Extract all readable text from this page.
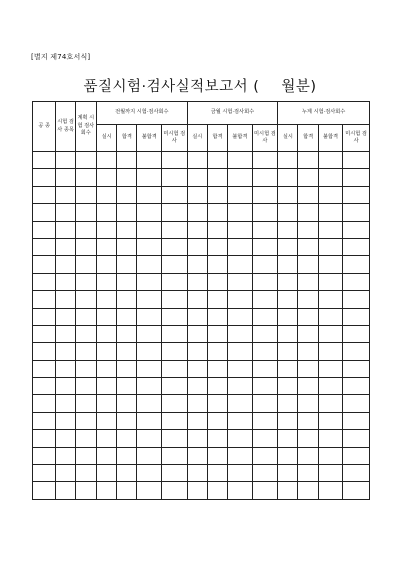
[별지 제74호서식]
품질시험·검사실적보고서 ( 월분)
공 종	시험 검사 종목	계획 시험 검사 회수	전월까지 시험·검사회수				금월 시험·검사회수				누계 시험·검사회수			
			실시	합격	불합격	미시험 검사	실시	합격	불합격	미시험 검사	실시	합격	불합격	미시험 검사
